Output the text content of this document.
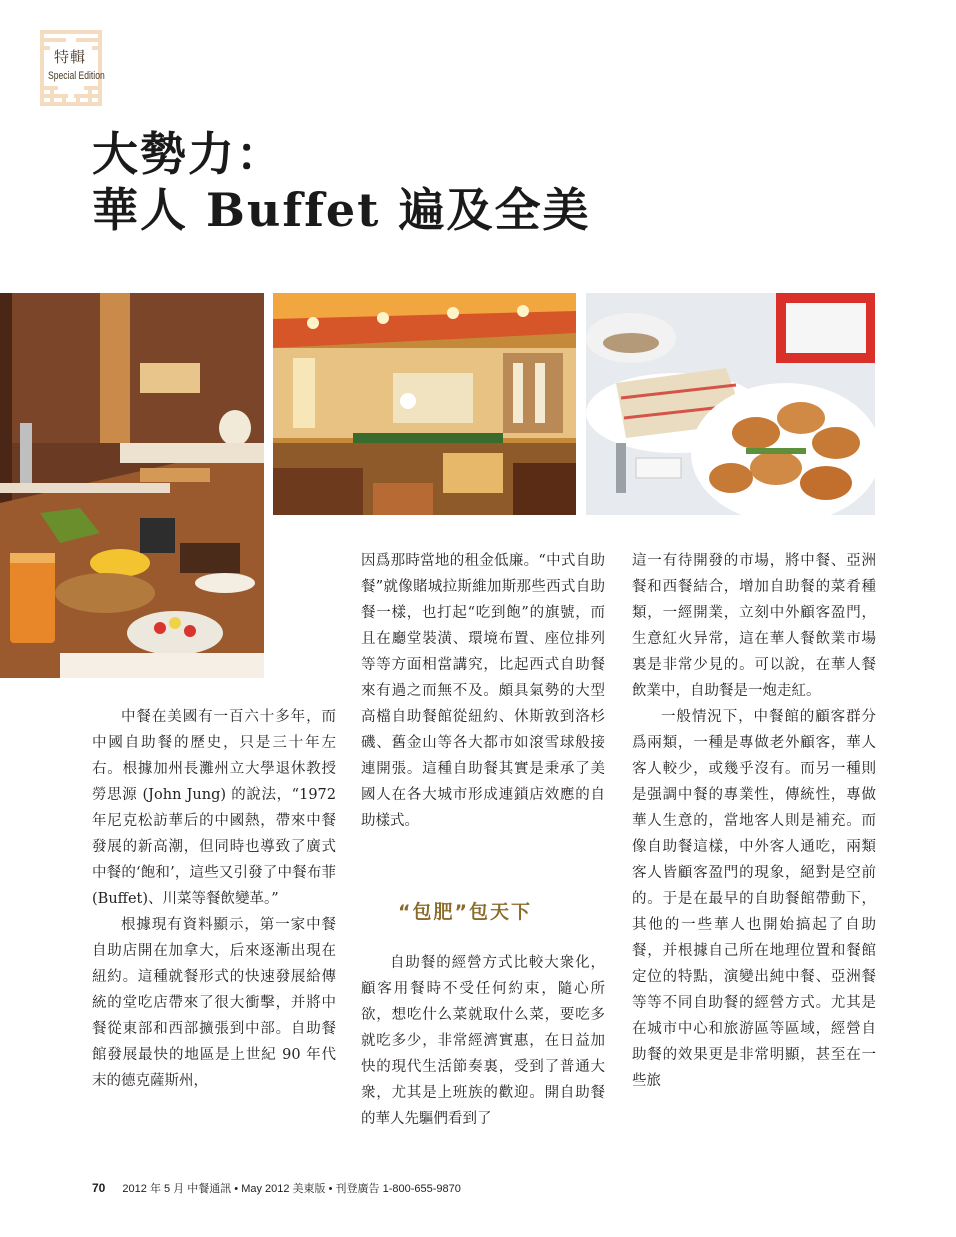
特輯
Special Edition
大勢力：
華人 Buffet 遍及全美

中餐在美國有一百六十多年，而中國自助餐的歷史，只是三十年左右。根據加州長灘州立大學退休教授勞思源 (John Jung) 的說法，“1972 年尼克松訪華后的中國熱，帶來中餐發展的新高潮，但同時也導致了廣式中餐的‘飽和’，這些又引發了中餐布菲 (Buffet)、川菜等餐飲變革。”

根據現有資料顯示，第一家中餐自助店開在加拿大，后來逐漸出現在紐約。這種就餐形式的快速發展給傳統的堂吃店帶來了很大衝擊，并將中餐從東部和西部擴張到中部。自助餐館發展最快的地區是上世紀 90 年代末的德克薩斯州，

因爲那時當地的租金低廉。“中式自助餐”就像賭城拉斯維加斯那些西式自助餐一樣，也打起“吃到飽”的旗號，而且在廳堂裝潢、環境布置、座位排列等等方面相當講究，比起西式自助餐來有過之而無不及。頗具氣勢的大型高檔自助餐館從紐約、休斯敦到洛杉磯、舊金山等各大都市如滾雪球般接連開張。這種自助餐其實是秉承了美國人在各大城市形成連鎖店效應的自助樣式。

“包肥”包天下

自助餐的經營方式比較大衆化，顧客用餐時不受任何約束，隨心所欲，想吃什么菜就取什么菜，要吃多就吃多少，非常經濟實惠，在日益加快的現代生活節奏裏，受到了普通大衆，尤其是上班族的歡迎。開自助餐的華人先驅們看到了

這一有待開發的市場，將中餐、亞洲餐和西餐結合，增加自助餐的菜肴種類，一經開業，立刻中外顧客盈門，生意紅火异常，這在華人餐飲業市場裏是非常少見的。可以說，在華人餐飲業中，自助餐是一炮走紅。

一般情況下，中餐館的顧客群分爲兩類，一種是專做老外顧客，華人客人較少，或幾乎沒有。而另一種則是强調中餐的專業性，傳統性，專做華人生意的，當地客人則是補充。而像自助餐這樣，中外客人通吃，兩類客人皆顧客盈門的現象，絕對是空前的。于是在最早的自助餐館帶動下，其他的一些華人也開始搞起了自助餐，并根據自己所在地理位置和餐館定位的特點，演變出純中餐、亞洲餐等等不同自助餐的經營方式。尤其是在城市中心和旅游區等區域，經營自助餐的效果更是非常明顯，甚至在一些旅

70 2012 年 5 月 中餐通訊 • May 2012 美東版 • 刊登廣告 1-800-655-9870
